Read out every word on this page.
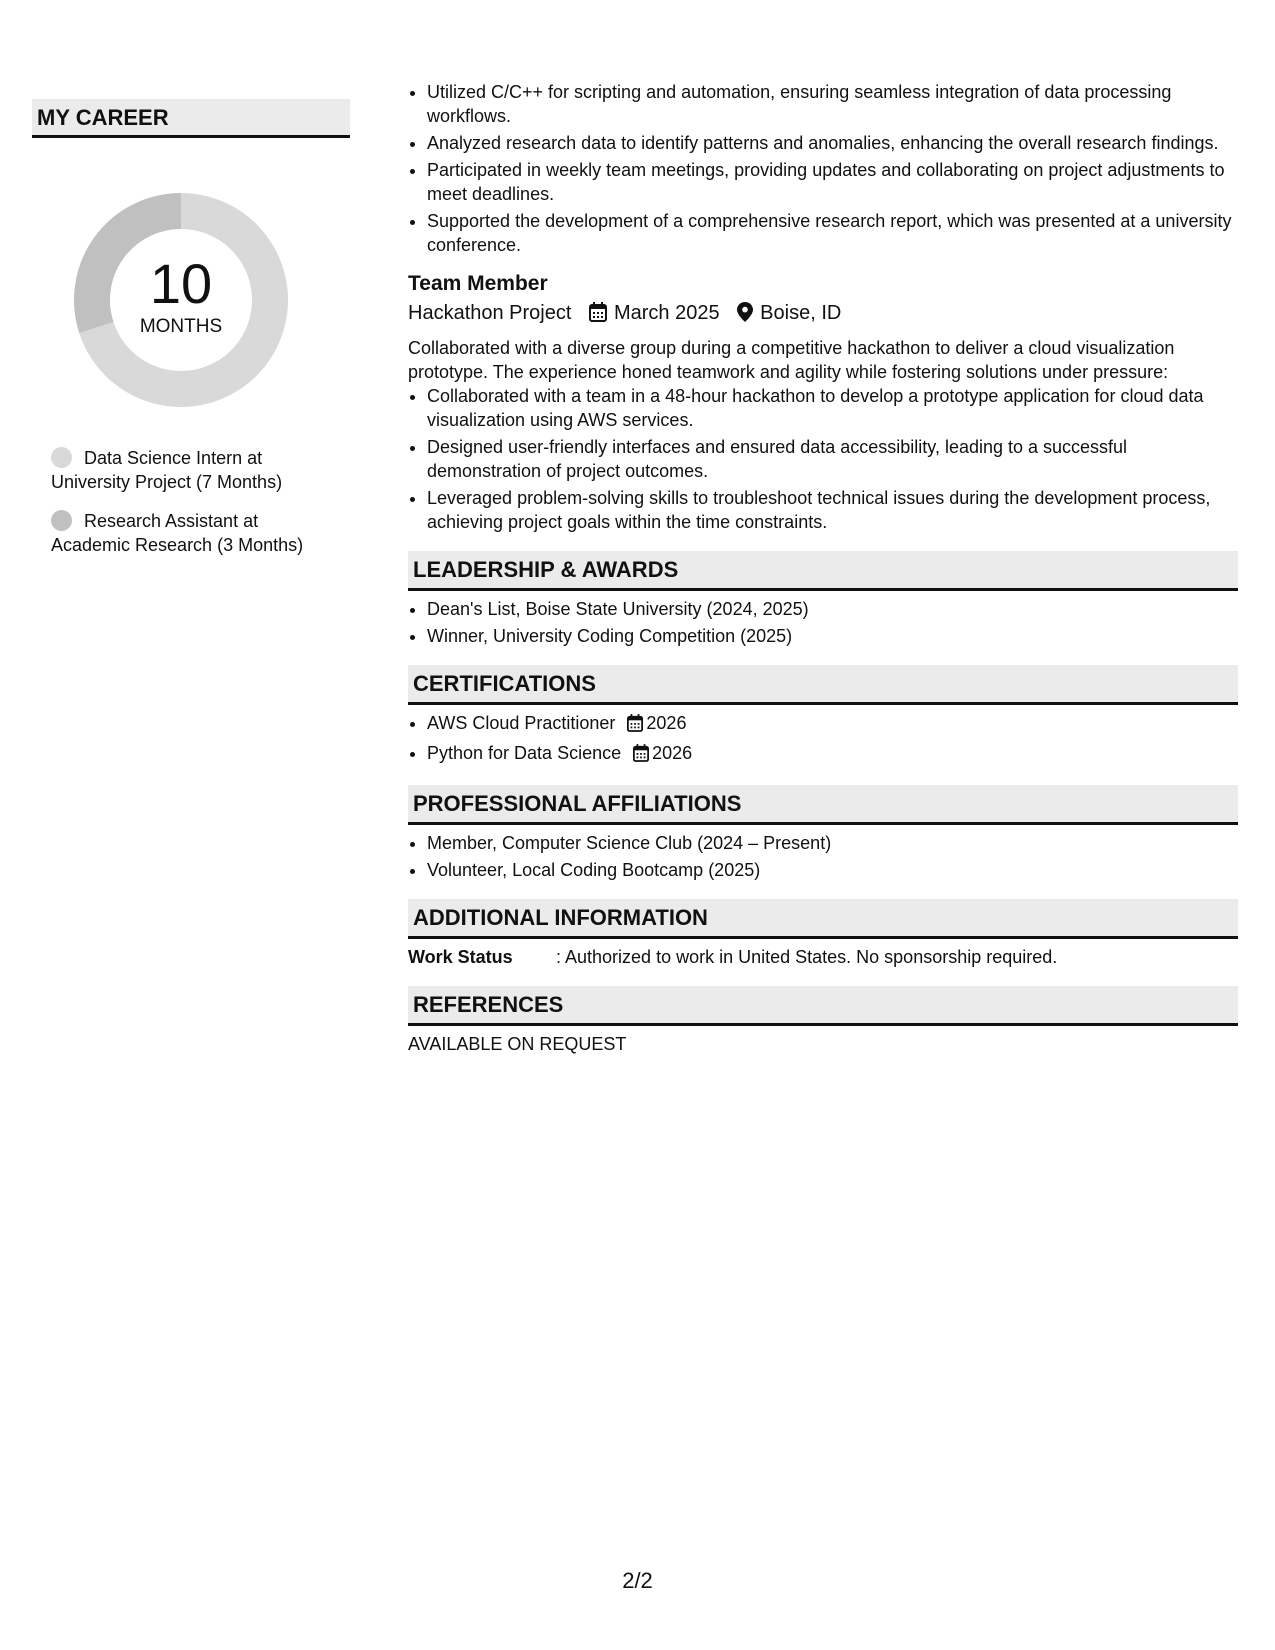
MY CAREER
10
MONTHS
Data Science Intern at University Project (7 Months)
Research Assistant at Academic Research (3 Months)
• Utilized C/C++ for scripting and automation, ensuring seamless integration of data processing workflows.
• Analyzed research data to identify patterns and anomalies, enhancing the overall research findings.
• Participated in weekly team meetings, providing updates and collaborating on project adjustments to meet deadlines.
• Supported the development of a comprehensive research report, which was presented at a university conference.
Team Member
Hackathon Project March 2025 Boise, ID
Collaborated with a diverse group during a competitive hackathon to deliver a cloud visualization prototype. The experience honed teamwork and agility while fostering solutions under pressure:
• Collaborated with a team in a 48-hour hackathon to develop a prototype application for cloud data visualization using AWS services.
• Designed user-friendly interfaces and ensured data accessibility, leading to a successful demonstration of project outcomes.
• Leveraged problem-solving skills to troubleshoot technical issues during the development process, achieving project goals within the time constraints.
LEADERSHIP & AWARDS
• Dean's List, Boise State University (2024, 2025)
• Winner, University Coding Competition (2025)
CERTIFICATIONS
• AWS Cloud Practitioner 2026
• Python for Data Science 2026
PROFESSIONAL AFFILIATIONS
• Member, Computer Science Club (2024 – Present)
• Volunteer, Local Coding Bootcamp (2025)
ADDITIONAL INFORMATION
Work Status	: Authorized to work in United States. No sponsorship required.
REFERENCES
AVAILABLE ON REQUEST
2/2
